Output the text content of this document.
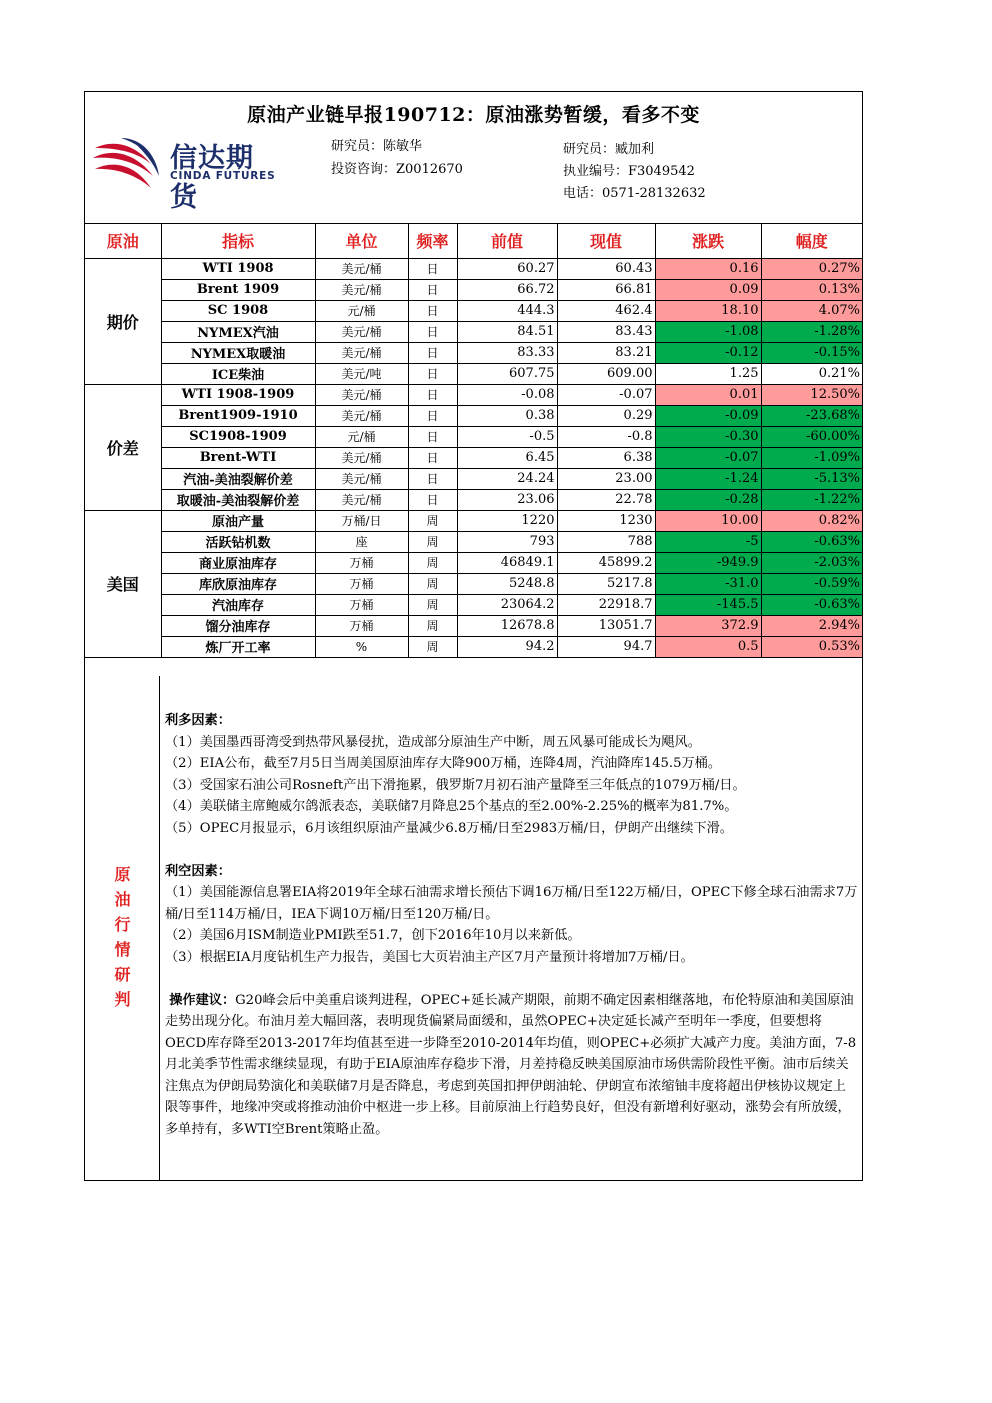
原油产业链早报190712：原油涨势暂缓，看多不变
信达期货
CINDA FUTURES
研究员：陈敏华
投资咨询：Z0012670
研究员：臧加利
执业编号：F3049542
电话：0571-28132632
原油	指标	单位	频率	前值	现值	涨跌	幅度
期价	WTI 1908	美元/桶	日	60.27	60.43	0.16	0.27%
	Brent 1909	美元/桶	日	66.72	66.81	0.09	0.13%
	SC 1908	元/桶	日	444.3	462.4	18.10	4.07%
	NYMEX汽油	美元/桶	日	84.51	83.43	-1.08	-1.28%
	NYMEX取暖油	美元/桶	日	83.33	83.21	-0.12	-0.15%
	ICE柴油	美元/吨	日	607.75	609.00	1.25	0.21%
价差	WTI 1908-1909	美元/桶	日	-0.08	-0.07	0.01	12.50%
	Brent1909-1910	美元/桶	日	0.38	0.29	-0.09	-23.68%
	SC1908-1909	元/桶	日	-0.5	-0.8	-0.30	-60.00%
	Brent-WTI	美元/桶	日	6.45	6.38	-0.07	-1.09%
	汽油-美油裂解价差	美元/桶	日	24.24	23.00	-1.24	-5.13%
	取暖油-美油裂解价差	美元/桶	日	23.06	22.78	-0.28	-1.22%
美国	原油产量	万桶/日	周	1220	1230	10.00	0.82%
	活跃钻机数	座	周	793	788	-5	-0.63%
	商业原油库存	万桶	周	46849.1	45899.2	-949.9	-2.03%
	库欣原油库存	万桶	周	5248.8	5217.8	-31.0	-0.59%
	汽油库存	万桶	周	23064.2	22918.7	-145.5	-0.63%
	馏分油库存	万桶	周	12678.8	13051.7	372.9	2.94%
	炼厂开工率	%	周	94.2	94.7	0.5	0.53%
原
油
行
情
研
判

利多因素：

（1）美国墨西哥湾受到热带风暴侵扰，造成部分原油生产中断，周五风暴可能成长为飓风。

（2）EIA公布，截至7月5日当周美国原油库存大降900万桶，连降4周，汽油降库145.5万桶。

（3）受国家石油公司Rosneft产出下滑拖累，俄罗斯7月初石油产量降至三年低点的1079万桶/日。

（4）美联储主席鲍威尔鸽派表态，美联储7月降息25个基点的至2.00%-2.25%的概率为81.7%。

（5）OPEC月报显示，6月该组织原油产量减少6.8万桶/日至2983万桶/日，伊朗产出继续下滑。

利空因素：

（1）美国能源信息署EIA将2019年全球石油需求增长预估下调16万桶/日至122万桶/日，OPEC下修全球石油需求7万桶/日至114万桶/日，IEA下调10万桶/日至120万桶/日。

（2）美国6月ISM制造业PMI跌至51.7，创下2016年10月以来新低。

（3）根据EIA月度钻机生产力报告，美国七大页岩油主产区7月产量预计将增加7万桶/日。

操作建议：G20峰会后中美重启谈判进程，OPEC+延长减产期限，前期不确定因素相继落地，布伦特原油和美国原油走势出现分化。布油月差大幅回落，表明现货偏紧局面缓和，虽然OPEC+决定延长减产至明年一季度，但要想将OECD库存降至2013-2017年均值甚至进一步降至2010-2014年均值，则OPEC+必须扩大减产力度。美油方面，7-8月北美季节性需求继续显现，有助于EIA原油库存稳步下滑，月差持稳反映美国原油市场供需阶段性平衡。油市后续关注焦点为伊朗局势演化和美联储7月是否降息，考虑到英国扣押伊朗油轮、伊朗宣布浓缩铀丰度将超出伊核协议规定上限等事件，地缘冲突或将推动油价中枢进一步上移。目前原油上行趋势良好，但没有新增利好驱动，涨势会有所放缓，多单持有，多WTI空Brent策略止盈。
